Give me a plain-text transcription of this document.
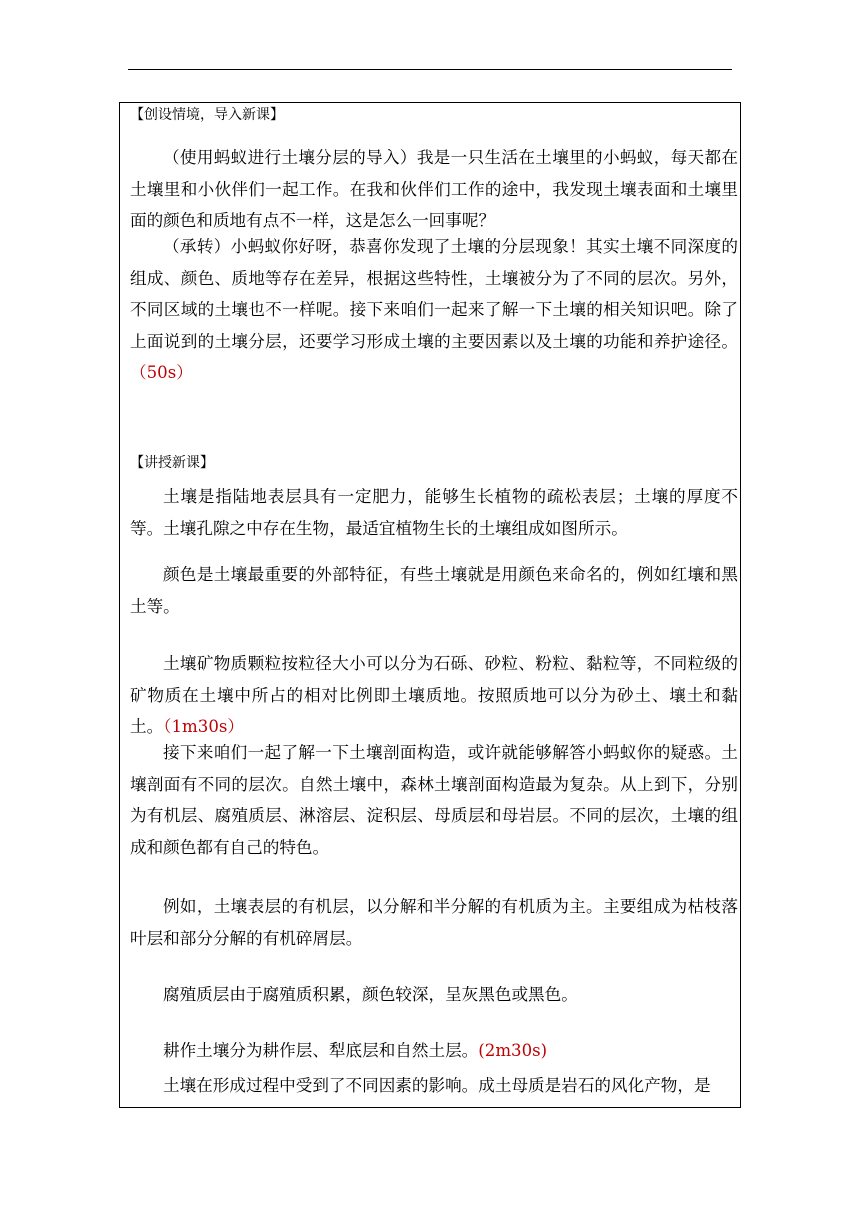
【创设情境，导入新课】

（使用蚂蚁进行土壤分层的导入）我是一只生活在土壤里的小蚂蚁，每天都在土壤里和小伙伴们一起工作。在我和伙伴们工作的途中，我发现土壤表面和土壤里面的颜色和质地有点不一样，这是怎么一回事呢？

（承转）小蚂蚁你好呀，恭喜你发现了土壤的分层现象！其实土壤不同深度的组成、颜色、质地等存在差异，根据这些特性，土壤被分为了不同的层次。另外，不同区域的土壤也不一样呢。接下来咱们一起来了解一下土壤的相关知识吧。除了上面说到的土壤分层，还要学习形成土壤的主要因素以及土壤的功能和养护途径。（50s）

【讲授新课】

土壤是指陆地表层具有一定肥力，能够生长植物的疏松表层；土壤的厚度不等。土壤孔隙之中存在生物，最适宜植物生长的土壤组成如图所示。

颜色是土壤最重要的外部特征，有些土壤就是用颜色来命名的，例如红壤和黑土等。

土壤矿物质颗粒按粒径大小可以分为石砾、砂粒、粉粒、黏粒等，不同粒级的矿物质在土壤中所占的相对比例即土壤质地。按照质地可以分为砂土、壤土和黏土。（1m30s）

接下来咱们一起了解一下土壤剖面构造，或许就能够解答小蚂蚁你的疑惑。土壤剖面有不同的层次。自然土壤中，森林土壤剖面构造最为复杂。从上到下，分别为有机层、腐殖质层、淋溶层、淀积层、母质层和母岩层。不同的层次，土壤的组成和颜色都有自己的特色。

例如，土壤表层的有机层，以分解和半分解的有机质为主。主要组成为枯枝落叶层和部分分解的有机碎屑层。

腐殖质层由于腐殖质积累，颜色较深，呈灰黑色或黑色。

耕作土壤分为耕作层、犁底层和自然土层。(2m30s)

土壤在形成过程中受到了不同因素的影响。成土母质是岩石的风化产物，是
